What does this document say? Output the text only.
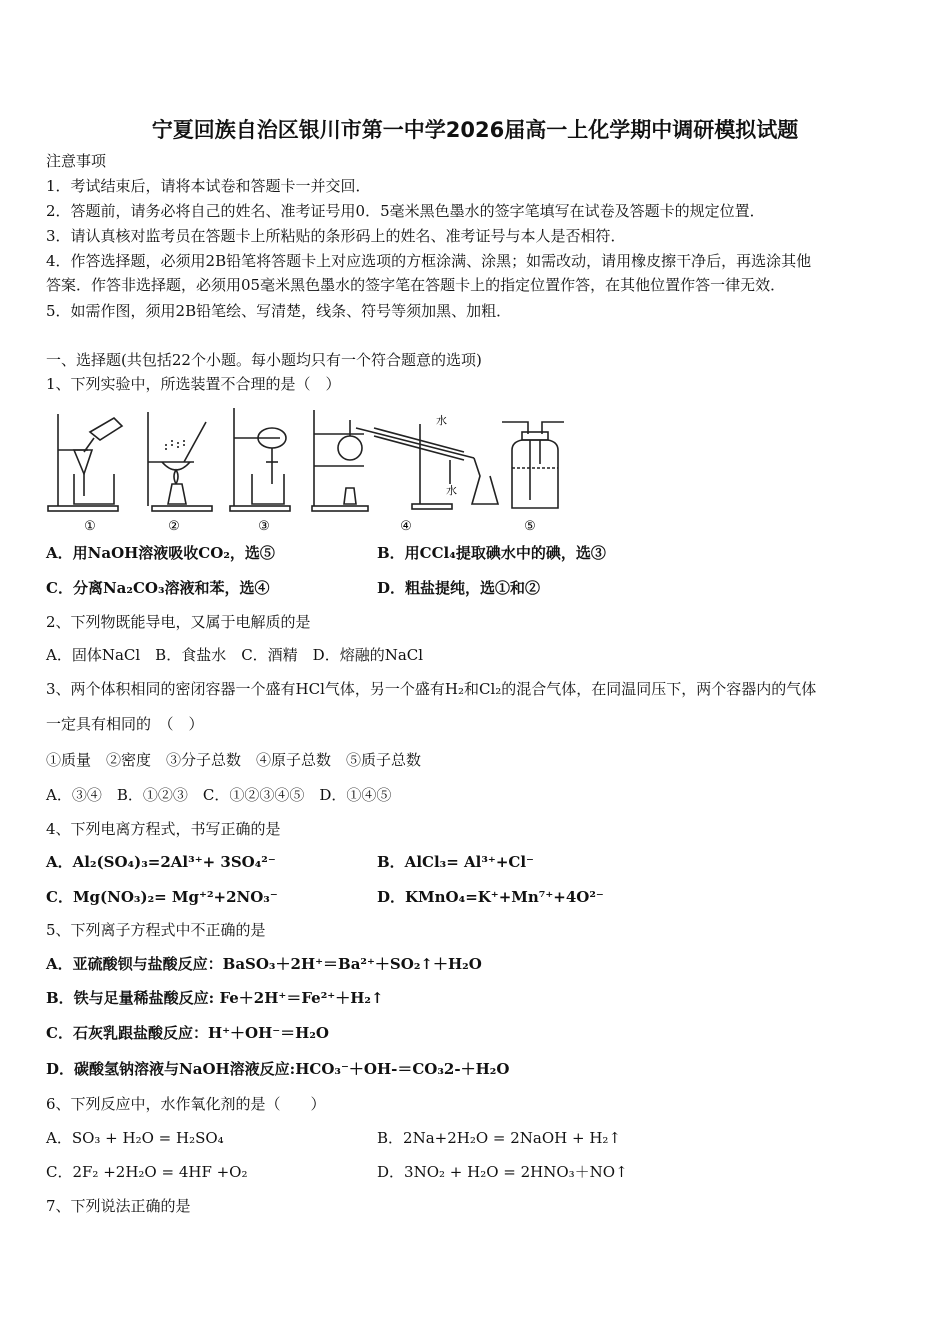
宁夏回族自治区银川市第一中学2026届高一上化学期中调研模拟试题
注意事项
1．考试结束后，请将本试卷和答题卡一并交回．
2．答题前，请务必将自己的姓名、准考证号用0．5毫米黑色墨水的签字笔填写在试卷及答题卡的规定位置．
3．请认真核对监考员在答题卡上所粘贴的条形码上的姓名、准考证号与本人是否相符．
4．作答选择题，必须用2B铅笔将答题卡上对应选项的方框涂满、涂黑；如需改动，请用橡皮擦干净后，再选涂其他
答案．作答非选择题，必须用05毫米黑色墨水的签字笔在答题卡上的指定位置作答，在其他位置作答一律无效．
5．如需作图，须用2B铅笔绘、写清楚，线条、符号等须加黑、加粗．
一、选择题(共包括22个小题。每小题均只有一个符合题意的选项)
1、下列实验中，所选装置不合理的是（　）
水
水
①	②	③	④	⑤
A．用NaOH溶液吸收CO₂，选⑤	B．用CCl₄提取碘水中的碘，选③
C．分离Na₂CO₃溶液和苯，选④	D．粗盐提纯，选①和②
2、下列物既能导电，又属于电解质的是
A．固体NaCl　B．食盐水　C．酒精　D．熔融的NaCl
3、两个体积相同的密闭容器一个盛有HCl气体，另一个盛有H₂和Cl₂的混合气体，在同温同压下，两个容器内的气体
一定具有相同的　（　）
①质量　②密度　③分子总数　④原子总数　⑤质子总数
A．③④　B．①②③　C．①②③④⑤　D．①④⑤
4、下列电离方程式，书写正确的是
A．Al₂(SO₄)₃=2Al³⁺+ 3SO₄²⁻	B．AlCl₃= Al³⁺+Cl⁻
C．Mg(NO₃)₂= Mg⁺²+2NO₃⁻	D．KMnO₄=K⁺+Mn⁷⁺+4O²⁻
5、下列离子方程式中不正确的是
A．亚硫酸钡与盐酸反应：BaSO₃＋2H⁺＝Ba²⁺＋SO₂↑＋H₂O
B．铁与足量稀盐酸反应: Fe＋2H⁺＝Fe²⁺＋H₂↑
C．石灰乳跟盐酸反应：H⁺＋OH⁻＝H₂O
D．碳酸氢钠溶液与NaOH溶液反应:HCO₃⁻＋OH-＝CO₃2-＋H₂O
6、下列反应中，水作氧化剂的是（　　）
A．SO₃ + H₂O = H₂SO₄	B．2Na+2H₂O = 2NaOH + H₂↑
C．2F₂ +2H₂O = 4HF +O₂	D．3NO₂ + H₂O = 2HNO₃＋NO↑
7、下列说法正确的是
